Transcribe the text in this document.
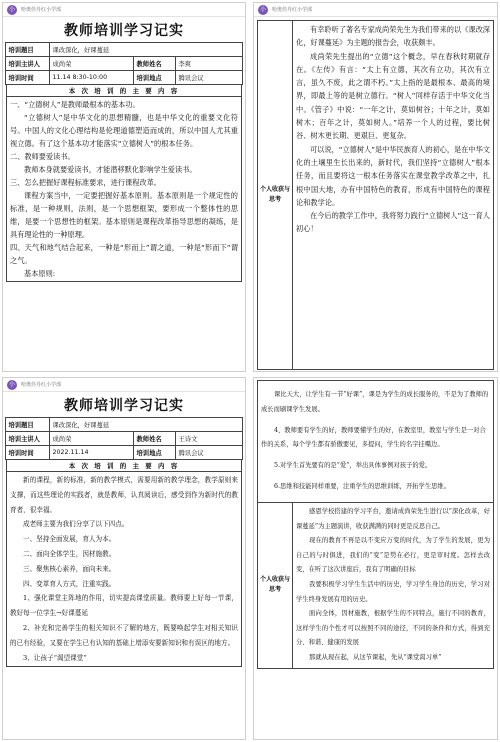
小	哈奥佳丹红小学部
教师培训学习记实
培训题目	课改深化，好课蔓延		
培训主讲人	成尚荣	教师姓名	李爽
培训时间	11.14 8:30-10:00	培训地点	腾讯会议
本 次 培 训 的 主 要 内 容

一、“立德树人”是教师最根本的基本功。

“立德树人”是中华文化的思想精髓，也是中华文化的重要文化符号。中国人的文化心理结构是伦理道德塑造而成的，所以中国人尤其重视立德。有了这个基本功才能落实“立德树人”的根本任务。

二、教师要爱读书。

教师本身就要爱读书，才能潜移默化影响学生爱读书。

三、怎么把握好课程标准要求，进行课程改革。

课程方案当中，一定要把握好基本原则。基本原则是一个规定性的标准，是一种规则，法则，是一个思想框架，要形成一个整体性的思维，是要一个思想性的框架。基本原则是课程改革指导思想的凝练，是具有理论性的一种原理。

四、天气和地气结合起来，一种是“形而上”谓之道，一种是“形而下”谓之气。

基本原则:

小	哈奥佳丹红小学部
个人收获与思考

有幸聆听了著名专家成尚荣先生为我们带来的以《课改深化，好课蔓延》为主题的报告会，收获颇丰。

成尚荣先生提出的“立德”这个概念，早在春秋时期就存在。《左传》有言：“太上有立德，其次有立功，其次有立言，虽久不废，此之谓不朽。”太上指的是最根本、最高的境界，即最上等的是树立德行。“树人”同样存活于中华文化当中。《管子》中说：“一年之计，莫如树谷；十年之计，莫如树木；百年之计，莫如树人。”培养一个人的过程，要比树谷、树木更长期、更艰巨、更复杂。

可以说，“立德树人”是中华民族育人的初心，是在中华文化的土壤里生长出来的，新时代，我们坚持“立德树人”根本任务，而且要将这一根本任务落实在课堂教学改革之中，扎根中国大地，办有中国特色的教育，形成有中国特色的课程论和教学论。

在今后的教学工作中，我将努力践行“立德树人”这一育人初心！

小	哈奥佳丹红小学部
教师培训学习记实
培训题目	课改深化，好课蔓延		
培训主讲人	成尚荣	教师姓名	王诗文
培训时间	2022.11.14	培训地点	腾讯会议
本 次 培 训 的 主 要 内 容

新的课程，新的标准，新的教学模式，需要用新的教学理念，教学原则来支撑，而这些理论的实践者，就是教师，认真阅读后，感受到作为新时代的教育者，很幸福。

成老师主要为我们分享了以下四点。

一、坚持全面发展，育人为本。

二、面向全体学生，因材施教。

三、聚焦核心素养，面向未来。

四、变革育人方式，注重实践。

1、强化课堂主阵地的作用，切实提高课堂质量。教师要上好每一节课，教好每一位学生→好课蔓延

2、补充和完善学生的相关知识不了解的地方，既要唤起学生对相关知识的已有经验，又要在学生已有认知的基础上增添安要新知识和有误区的地方。

3、让孩子“渴望课堂”

课比天大，让学生有一节“好课”，课是为学生的成长服务的，不是为了教师的成长而刷课学生发展。

4、教师要有学生的好，教师要懂学生的好，在教室里，教室与学生是一对合作的关系，每个学生都有骄傲要见，多提问，学生的名字挂嘴边。

5.对学生首先要有的是“爱”，举出具体事例对孩子的爱。

6.思维和技能同样重要，注重学生的思维训练，开拓学生思维。

个人收获与思考

感恩学校搭建的学习平台，邀请成尚荣先生进行以“深化改革，好课蔓延”为主题演讲，收获满满的同时更是反思自己。

现在的教育不再是以不变应万变的时代，为了学生的发展，更为自己的与时俱进，我们的“变”是势在必行，更是审时度。怎样去改变，在听了这次讲座后，我有了明确的目标

我要积极学习学生生活中的历史，学习学生身边的历史，学习对学生终身发展有用的历史。

面向全体，因材施教，根据学生的不同特点，施行不同的教育，这样学生的个性才可以按照不同的途径，不同的条件和方式，得到充分、和谐、健康的发展

那就从现在起，从这节课起，先从“课堂渴习单”
